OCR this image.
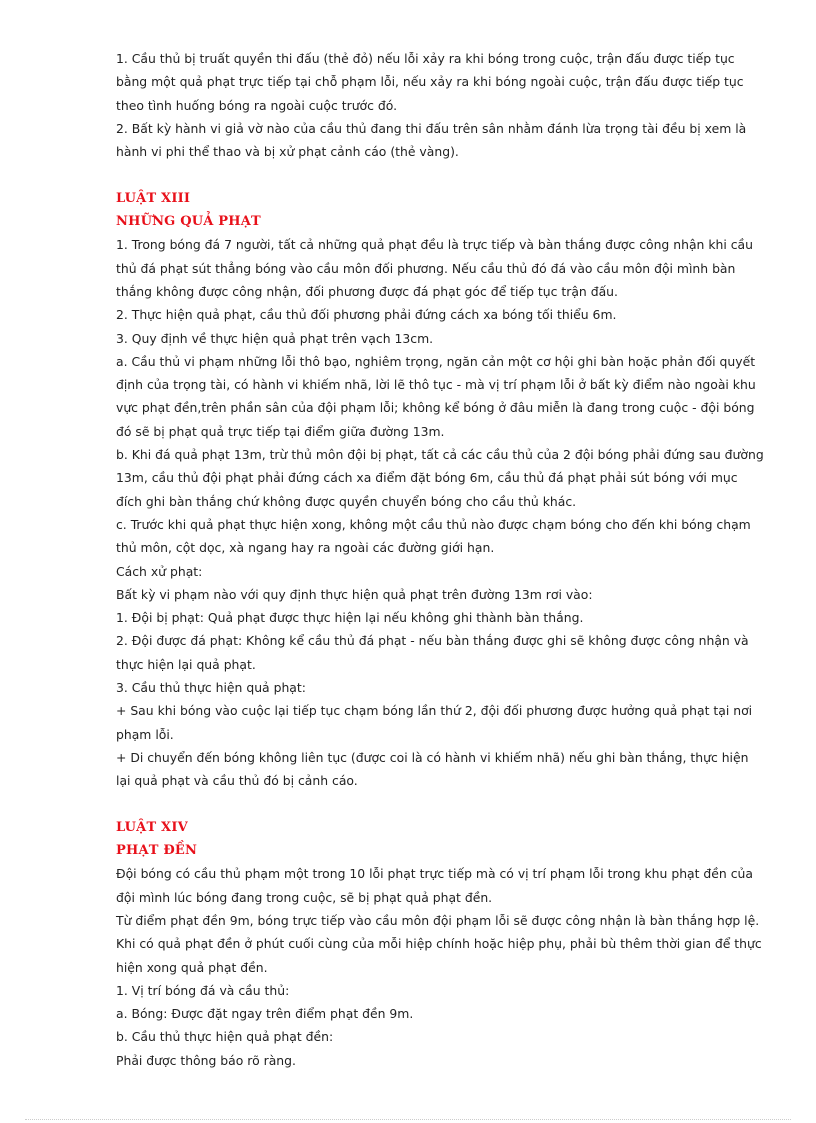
1. Cầu thủ bị truất quyền thi đấu (thẻ đỏ) nếu lỗi xảy ra khi bóng trong cuộc, trận đấu được tiếp tục bằng một quả phạt trực tiếp tại chỗ phạm lỗi, nếu xảy ra khi bóng ngoài cuộc, trận đấu được tiếp tục theo tình huống bóng ra ngoài cuộc trước đó.

2. Bất kỳ hành vi giả vờ nào của cầu thủ đang thi đấu trên sân nhằm đánh lừa trọng tài đều bị xem là hành vi phi thể thao và bị xử phạt cảnh cáo (thẻ vàng).

LUẬT XIII

NHỮNG QUẢ PHẠT

1. Trong bóng đá 7 người, tất cả những quả phạt đều là trực tiếp và bàn thắng được công nhận khi cầu thủ đá phạt sút thẳng bóng vào cầu môn đối phương. Nếu cầu thủ đó đá vào cầu môn đội mình bàn thắng không được công nhận, đối phương được đá phạt góc để tiếp tục trận đấu.

2. Thực hiện quả phạt, cầu thủ đối phương phải đứng cách xa bóng tối thiểu 6m.

3. Quy định về thực hiện quả phạt trên vạch 13cm.

a. Cầu thủ vi phạm những lỗi thô bạo, nghiêm trọng, ngăn cản một cơ hội ghi bàn hoặc phản đối quyết định của trọng tài, có hành vi khiếm nhã, lời lẽ thô tục - mà vị trí phạm lỗi ở bất kỳ điểm nào ngoài khu vực phạt đền,trên phần sân của đội phạm lỗi; không kể bóng ở đâu miễn là đang trong cuộc - đội bóng đó sẽ bị phạt quả trực tiếp tại điểm giữa đường 13m.

b. Khi đá quả phạt 13m, trừ thủ môn đội bị phạt, tất cả các cầu thủ của 2 đội bóng phải đứng sau đường 13m, cầu thủ đội phạt phải đứng cách xa điểm đặt bóng 6m, cầu thủ đá phạt phải sút bóng với mục đích ghi bàn thắng chứ không được quyền chuyển bóng cho cầu thủ khác.

c. Trước khi quả phạt thực hiện xong, không một cầu thủ nào được chạm bóng cho đến khi bóng chạm thủ môn, cột dọc, xà ngang hay ra ngoài các đường giới hạn.

Cách xử phạt:

Bất kỳ vi phạm nào với quy định thực hiện quả phạt trên đường 13m rơi vào:

1. Đội bị phạt: Quả phạt được thực hiện lại nếu không ghi thành bàn thắng.

2. Đội được đá phạt: Không kể cầu thủ đá phạt - nếu bàn thắng được ghi sẽ không được công nhận và thực hiện lại quả phạt.

3. Cầu thủ thực hiện quả phạt:

+ Sau khi bóng vào cuộc lại tiếp tục chạm bóng lần thứ 2, đội đối phương được hưởng quả phạt tại nơi phạm lỗi.

+ Di chuyển đến bóng không liên tục (được coi là có hành vi khiếm nhã) nếu ghi bàn thắng, thực hiện lại quả phạt và cầu thủ đó bị cảnh cáo.

LUẬT XIV

PHẠT ĐỀN

Đội bóng có cầu thủ phạm một trong 10 lỗi phạt trực tiếp mà có vị trí phạm lỗi trong khu phạt đền của đội mình lúc bóng đang trong cuộc, sẽ bị phạt quả phạt đền.

Từ điểm phạt đền 9m, bóng trực tiếp vào cầu môn đội phạm lỗi sẽ được công nhận là bàn thắng hợp lệ.

Khi có quả phạt đền ở phút cuối cùng của mỗi hiệp chính hoặc hiệp phụ, phải bù thêm thời gian để thực hiện xong quả phạt đền.

1. Vị trí bóng đá và cầu thủ:

a. Bóng: Được đặt ngay trên điểm phạt đền 9m.

b. Cầu thủ thực hiện quả phạt đền:

Phải được thông báo rõ ràng.
